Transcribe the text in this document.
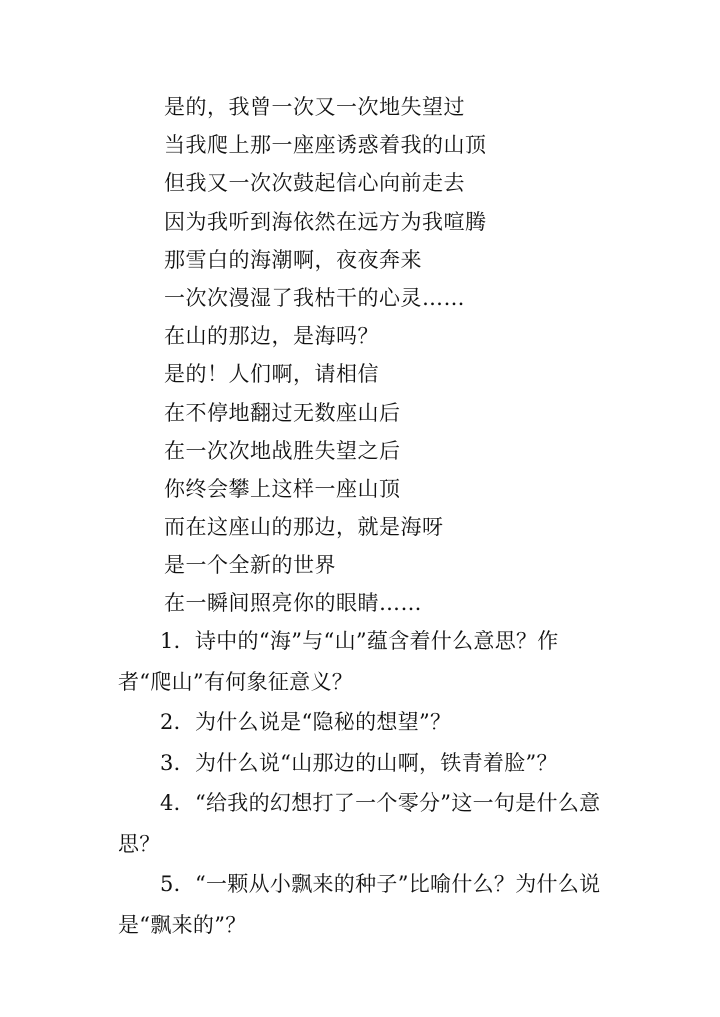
是的，我曾一次又一次地失望过
当我爬上那一座座诱惑着我的山顶
但我又一次次鼓起信心向前走去
因为我听到海依然在远方为我喧腾
那雪白的海潮啊，夜夜奔来
一次次漫湿了我枯干的心灵……
在山的那边，是海吗？
是的！人们啊，请相信
在不停地翻过无数座山后
在一次次地战胜失望之后
你终会攀上这样一座山顶
而在这座山的那边，就是海呀
是一个全新的世界
在一瞬间照亮你的眼睛……
1．诗中的“海”与“山”蕴含着什么意思？作者“爬山”有何象征意义？
2．为什么说是“隐秘的想望”？
3．为什么说“山那边的山啊，铁青着脸”？
4．“给我的幻想打了一个零分”这一句是什么意思？
5．“一颗从小飘来的种子”比喻什么？为什么说是“飘来的”？
